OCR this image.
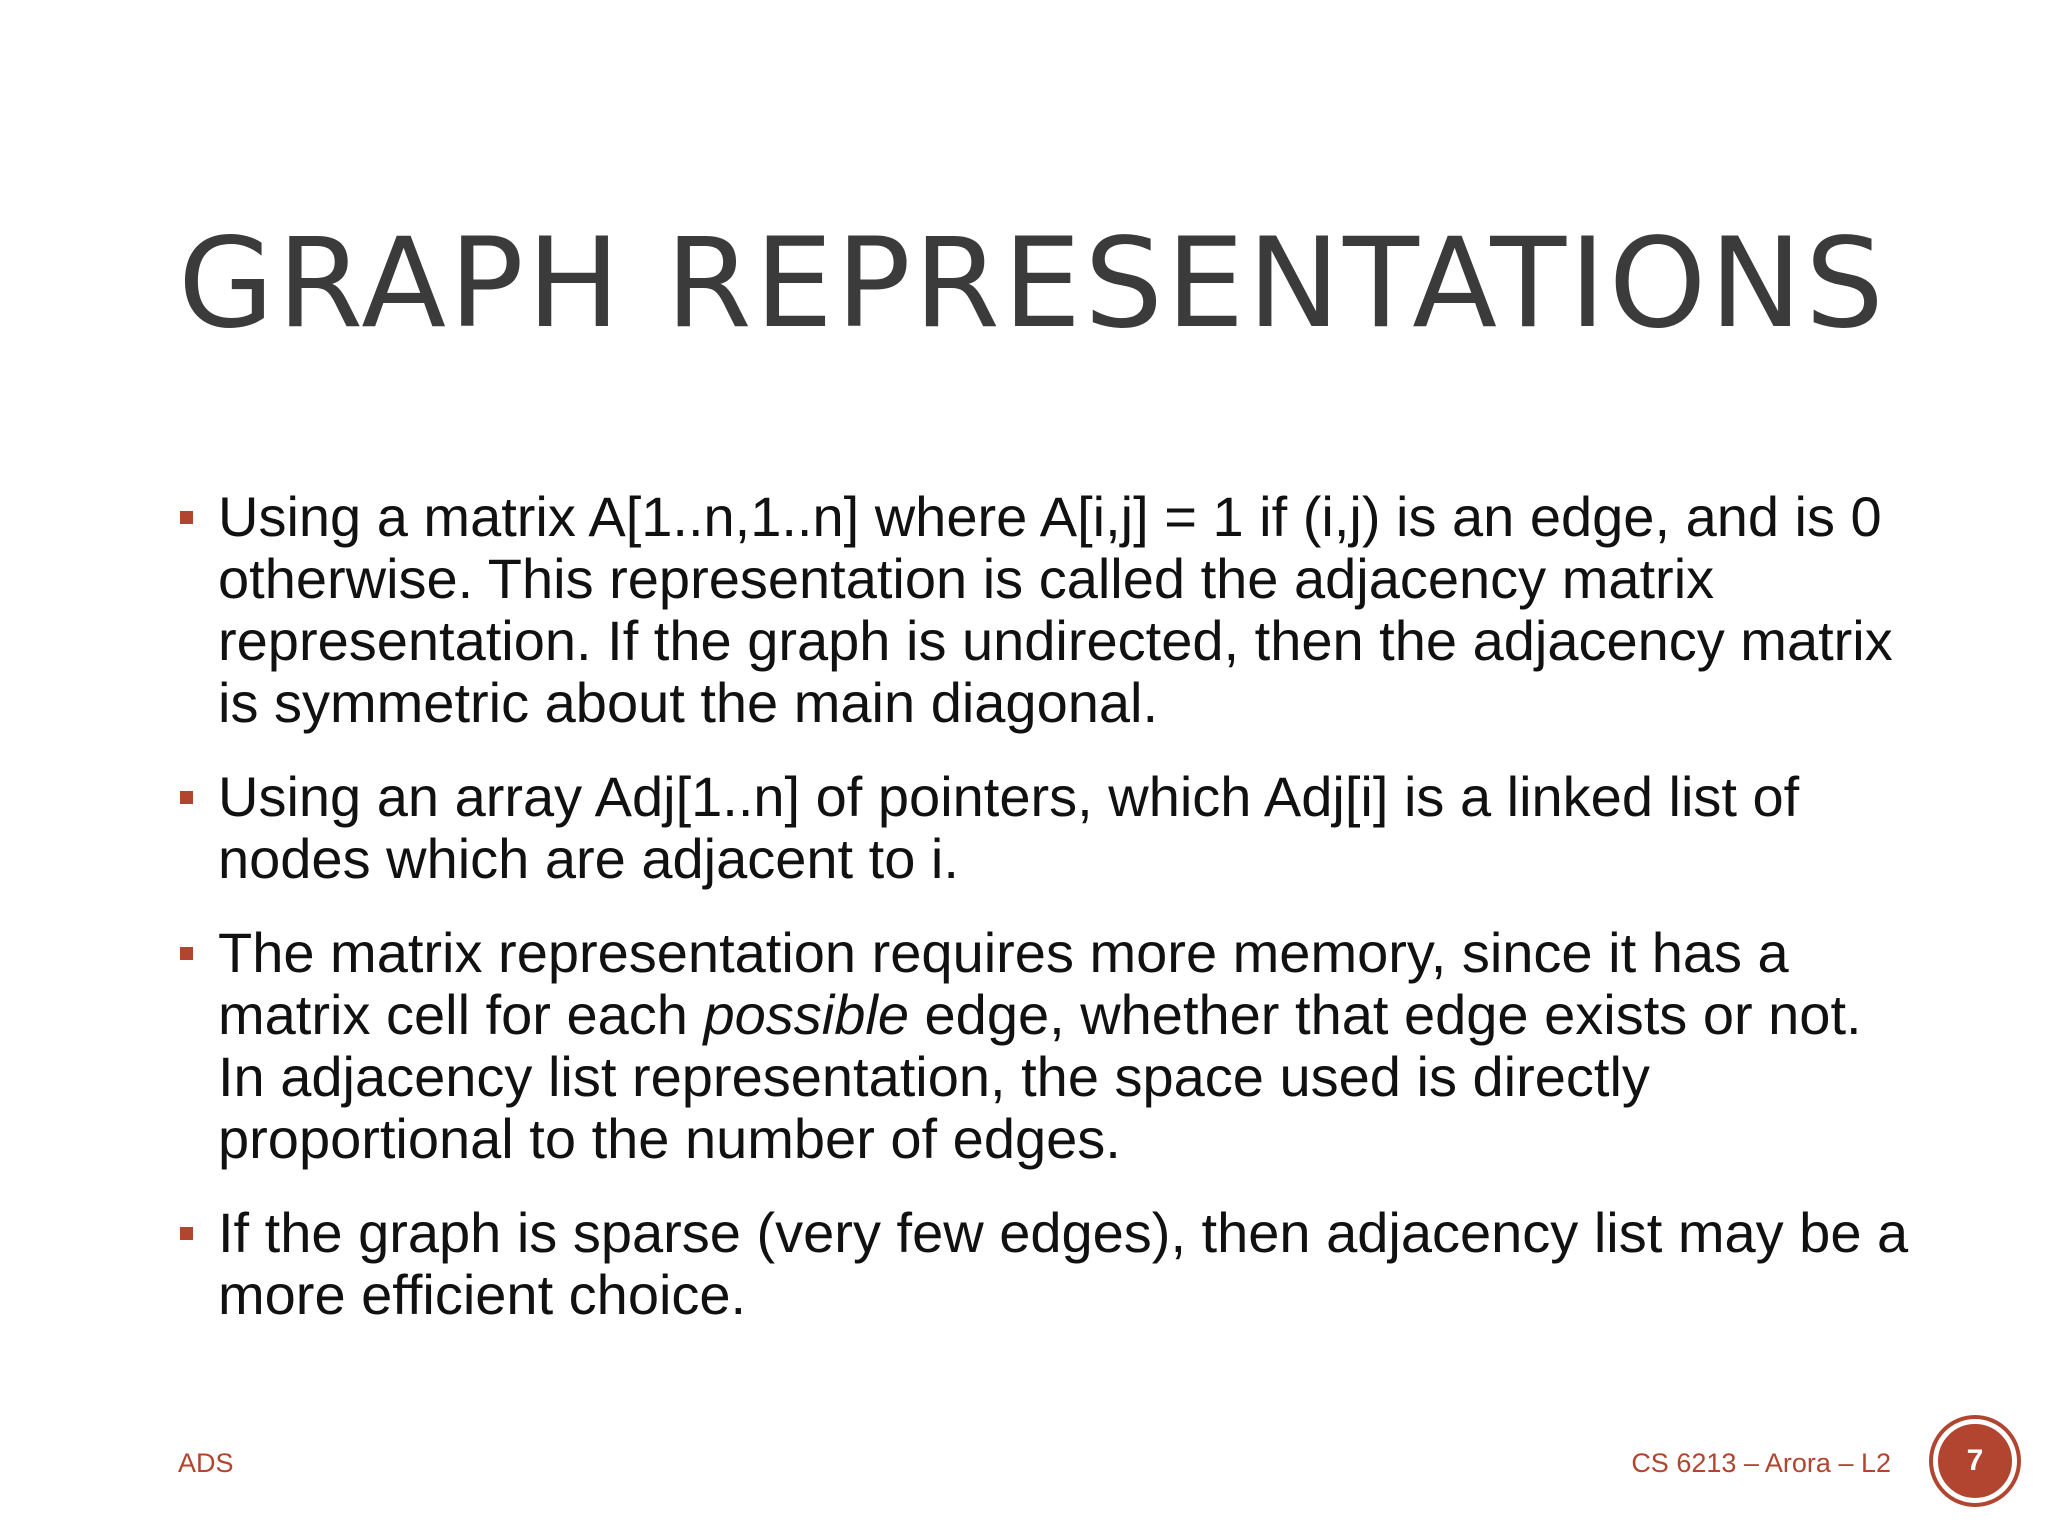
GRAPH REPRESENTATIONS
Using a matrix A[1..n,1..n] where A[i,j] = 1 if (i,j) is an edge, and is 0 otherwise. This representation is called the adjacency matrix representation. If the graph is undirected, then the adjacency matrix is symmetric about the main diagonal.
Using an array Adj[1..n] of pointers, which Adj[i] is a linked list of nodes which are adjacent to i.
The matrix representation requires more memory, since it has a matrix cell for each possible edge, whether that edge exists or not. In adjacency list representation, the space used is directly proportional to the number of edges.
If the graph is sparse (very few edges), then adjacency list may be a more efficient choice.
ADS	CS 6213 – Arora – L2	7
